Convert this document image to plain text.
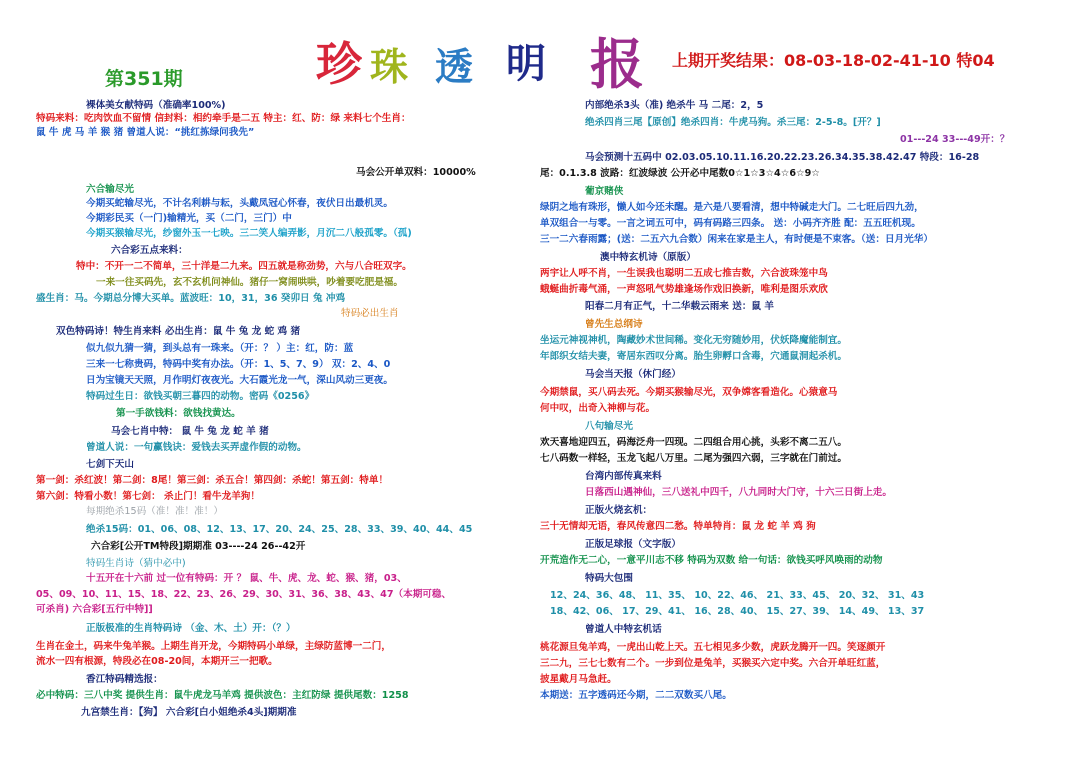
珍 珠 透 明 报
第351期
上期开奖结果：08-03-18-02-41-10 特04
裸体美女献特码（准确率100%)
特码来料：吃肉饮血不留情 信封料：相约牵手是二五 特主：红、防：绿 来料七个生肖：
鼠 牛 虎 马 羊 猴 猪 曾道人说：“挑红拣绿问我先”
马会公开单双料：10000%
六合输尽光
今期买蛇输尽光，不计名利耕与耘，头戴凤冠心怀春，夜伏日出最机灵。
今期彩民买（一门)输精光，买（二门，三门）中
今期买猴输尽光，纱窗外玉一七映。三二笑人编弄影，月沉二八般孤零。（孤)
六合彩五点来料：
特中：不开一二不简单，三十洋是二九来。四五就是称劲势，六与八合旺双字。
一来一往买码先，玄不玄机问神仙。猪仔一窝闹哄哄，吵着要吃肥是福。
盛生肖：马。今期总分博大买单。蓝波旺：10，31，36 癸卯日 兔 冲鸡
特码必出生肖
双色特码诗！特生肖来料 必出生肖：鼠 牛 兔 龙 蛇 鸡 猪
似九似九猜一猜，到头总有一珠来。（开：？ ）主：红，防：蓝
三来一七称贵码，特码中奖有办法。（开：1、5、7、9） 双：2、4、0
日为宝镜天天照，月作明灯夜夜光。大石霞光龙一气，深山风动三更夜。
特码过生日：欲钱买朝三暮四的动物。密码《0256》
第一手欲钱料：欲钱找黄达。
马会七肖中特： 鼠 牛 兔 龙 蛇 羊 猪
曾道人说：一句赢钱诀：爱钱去买弄虚作假的动物。
七剑下天山
第一剑：杀红波！第二剑：8尾！第三剑：杀五合！第四剑：杀蛇！第五剑：特单！
第六剑：特看小数！第七剑： 杀止门！看牛龙羊狗！
每期绝杀15码（准！准！准！）
绝杀15码：01、06、08、12、13、17、20、24、25、28、33、39、40、44、45
六合彩[公开TM特段]期期准 03----24 26--42开
特码生肖诗（猜中必中)
十五开在十六前 过一位有特码：开 ？ 鼠、牛、虎、龙、蛇、猴、猪，03、
05、09、10、11、15、18、22、23、26、29、30、31、36、38、43、47（本期可稳、
可杀肖) 六合彩[五行中特]]
正版极准的生肖特码诗 （金、木、土）开：（？）
生肖在金土，码来牛兔羊猴。上期生肖开龙，今期特码小单绿，主绿防蓝博一二门，
流水一四有根源，特段必在08-20间，本期开三一把歌。
香江特码精选报：
必中特码：三八中奖 提供生肖：鼠牛虎龙马羊鸡 提供波色：主红防绿 提供尾数：1258
九宫禁生肖：【狗】 六合彩[白小姐绝杀4头]期期准
内部绝杀3头（准) 绝杀牛 马 二尾：2，5
绝杀四肖三尾【原创】绝杀四肖：牛虎马狗。杀三尾：2-5-8。[开？]
01---24 33---49开：？
马会预测十五码中 02.03.05.10.11.16.20.22.23.26.34.35.38.42.47 特段：16-28
尾：0.1.3.8 波路：红波绿波 公开必中尾数0☆1☆3☆4☆6☆9☆
葡京赌侠
绿阴之地有珠形，懒人如今还未醒。是六是八要看清，想中特碱走大门。二七旺后四九劲，
单双组合一与零。一言之词五可中，码有码路三四条。 送：小码齐齐胜 配：五五旺机现。
三一二六春雨露；(送：二五六九合数）闲来在家是主人，有时便是不束客。（送：日月光华）
澳中特玄机诗（原版）
两宇让人呼不肖，一生误我也聪明二五成七推吉数，六合波珠笼中鸟
蛾蜒曲折毒气涌，一声怒吼气势雄逢场作戏旧换新，唯利是图乐欢欣
阳春二月有正气，十二华载云雨来 送：鼠 羊
曾先生总纲诗
坐运元神视神机，陶藏妙术世间稀。变化无穷随妙用，伏妖降魔能制宜。
年郎织女结夫妻，寄居东西叹分离。胎生卵孵口含毒，穴通鼠洞起杀机。
马会当天报（休门经）
今期禁鼠，买八码去死。今期买猴输尽光，双争嫦客看造化。心猿意马
何中叹，出奇入神柳与花。
八句输尽光
欢天喜地迎四五，码海泛舟一四现。二四组合用心挑，头彩不离二五八。
七八码数一样轻，玉龙飞起八万里。二尾为强四六弱，三字就在门前过。
台湾内部传真来料
日落西山遇神仙，三八送礼中四千，八九同时大门守，十六三日街上走。
正版火烧玄机：
三十无情却无语，春风传意四二愁。特单特肖：鼠 龙 蛇 羊 鸡 狗
正版足球报（文字版）
开荒造作无二心，一意平川志不移 特码为双数 给一句话：欲钱买呼风唤雨的动物
特码大包围
12、24、36、48、 11、35、 10、22、46、 21、33、45、 20、32、 31、43
18、42、06、 17、29、41、 16、28、40、 15、27、39、 14、49、 13、37
曾道人中特玄机话
桃花源旦兔羊鸡，一虎出山乾上天。五七相见多少数，虎跃龙腾开一四。笑逐颜开
三二九，三七七数有二个。一步到位是兔羊，买猴买六定中奖。六合开单旺红蓝，
披星戴月马急赶。
本期送：五字透码还今期，二二双数买八尾。
